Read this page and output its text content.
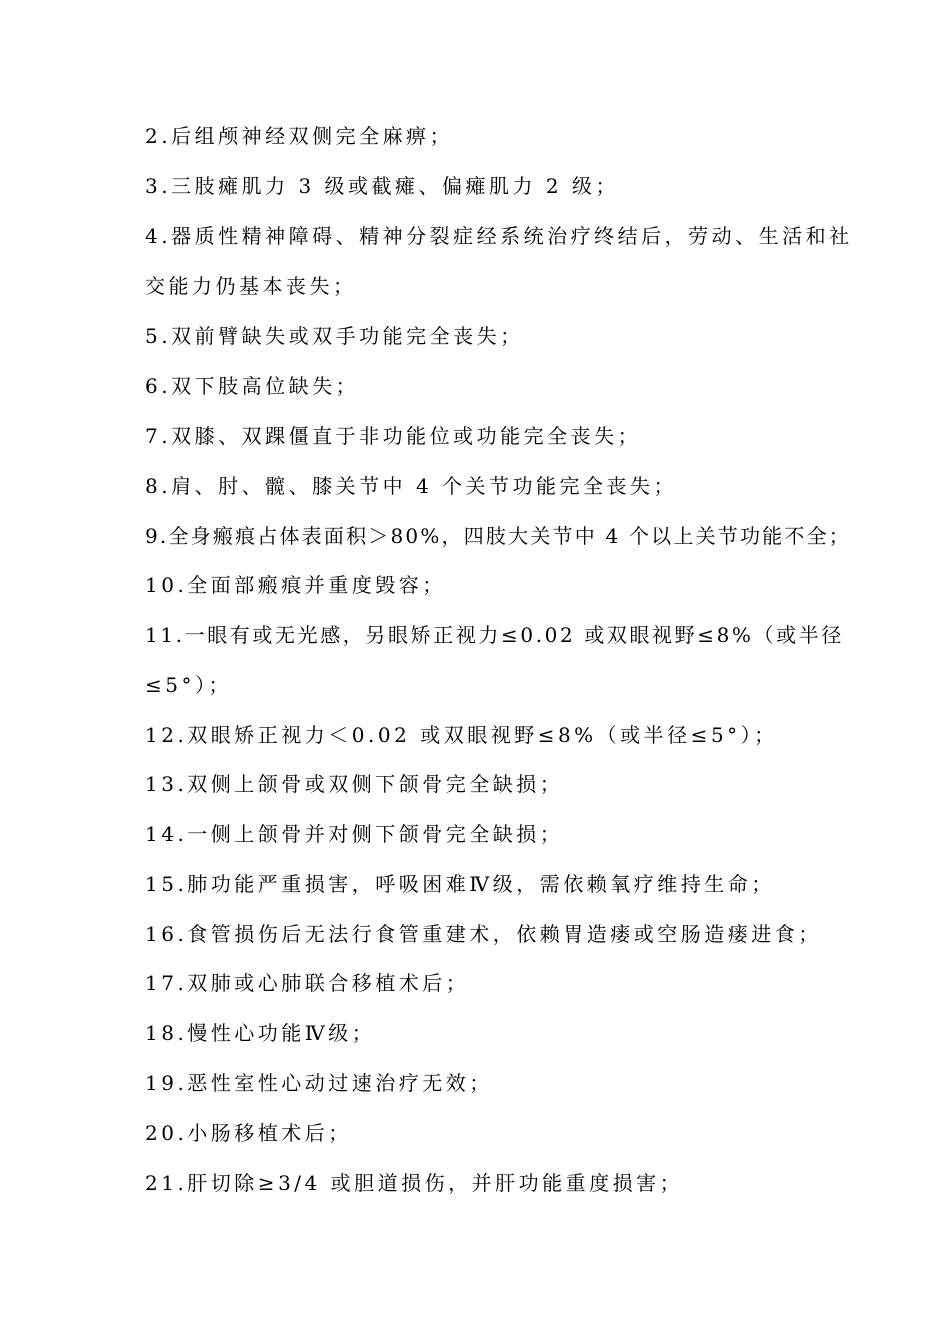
2.后组颅神经双侧完全麻痹；
3.三肢瘫肌力 3 级或截瘫、偏瘫肌力 2 级；
4.器质性精神障碍、精神分裂症经系统治疗终结后，劳动、生活和社
交能力仍基本丧失；
5.双前臂缺失或双手功能完全丧失；
6.双下肢高位缺失；
7.双膝、双踝僵直于非功能位或功能完全丧失；
8.肩、肘、髋、膝关节中 4 个关节功能完全丧失；
9.全身瘢痕占体表面积＞80%，四肢大关节中 4 个以上关节功能不全；
10.全面部瘢痕并重度毁容；
11.一眼有或无光感，另眼矫正视力≤0.02 或双眼视野≤8%（或半径
≤5°）；
12.双眼矫正视力＜0.02 或双眼视野≤8%（或半径≤5°）；
13.双侧上颌骨或双侧下颌骨完全缺损；
14.一侧上颌骨并对侧下颌骨完全缺损；
15.肺功能严重损害，呼吸困难Ⅳ级，需依赖氧疗维持生命；
16.食管损伤后无法行食管重建术，依赖胃造瘘或空肠造瘘进食；
17.双肺或心肺联合移植术后；
18.慢性心功能Ⅳ级；
19.恶性室性心动过速治疗无效；
20.小肠移植术后；
21.肝切除≥3/4 或胆道损伤，并肝功能重度损害；
